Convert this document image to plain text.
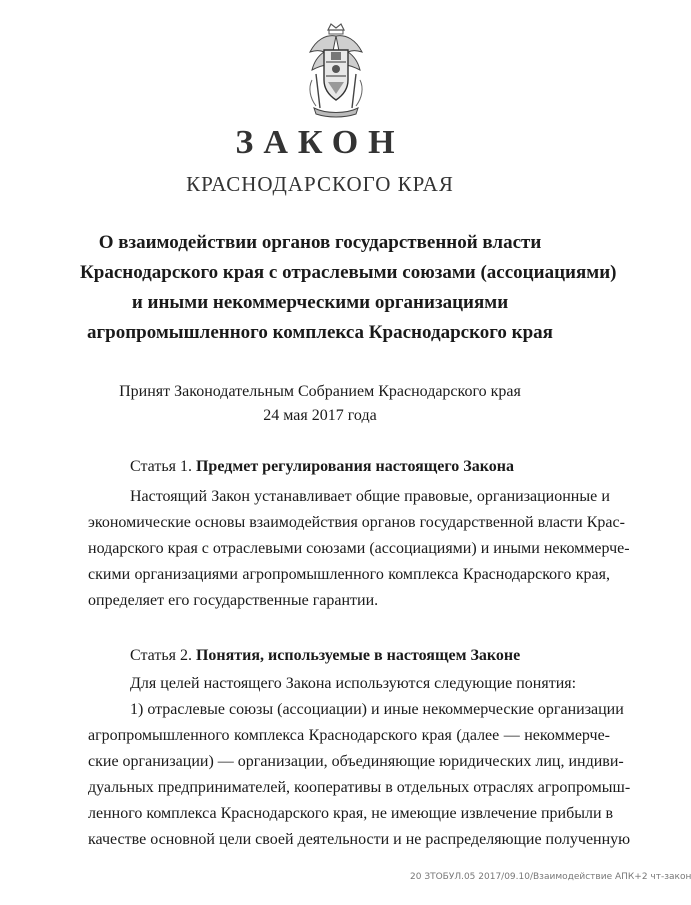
ЗАКОН
КРАСНОДАРСКОГО КРАЯ
О взаимодействии органов государственной власти
Краснодарского края с отраслевыми союзами (ассоциациями)
и иными некоммерческими организациями
агропромышленного комплекса Краснодарского края
Принят Законодательным Собранием Краснодарского края
24 мая 2017 года
Статья 1. Предмет регулирования настоящего Закона
Настоящий Закон устанавливает общие правовые, организационные и
экономические основы взаимодействия органов государственной власти Крас-
нодарского края с отраслевыми союзами (ассоциациями) и иными некоммерче-
скими организациями агропромышленного комплекса Краснодарского края,
определяет его государственные гарантии.
Статья 2. Понятия, используемые в настоящем Законе
Для целей настоящего Закона используются следующие понятия:
1) отраслевые союзы (ассоциации) и иные некоммерческие организации
агропромышленного комплекса Краснодарского края (далее — некоммерче-
ские организации) — организации, объединяющие юридических лиц, индиви-
дуальных предпринимателей, кооперативы в отдельных отраслях агропромыш-
ленного комплекса Краснодарского края, не имеющие извлечение прибыли в
качестве основной цели своей деятельности и не распределяющие полученную
20 ЗТОБУЛ.05 2017/09.10/Взаимодействие АПК+2 чт-закон
